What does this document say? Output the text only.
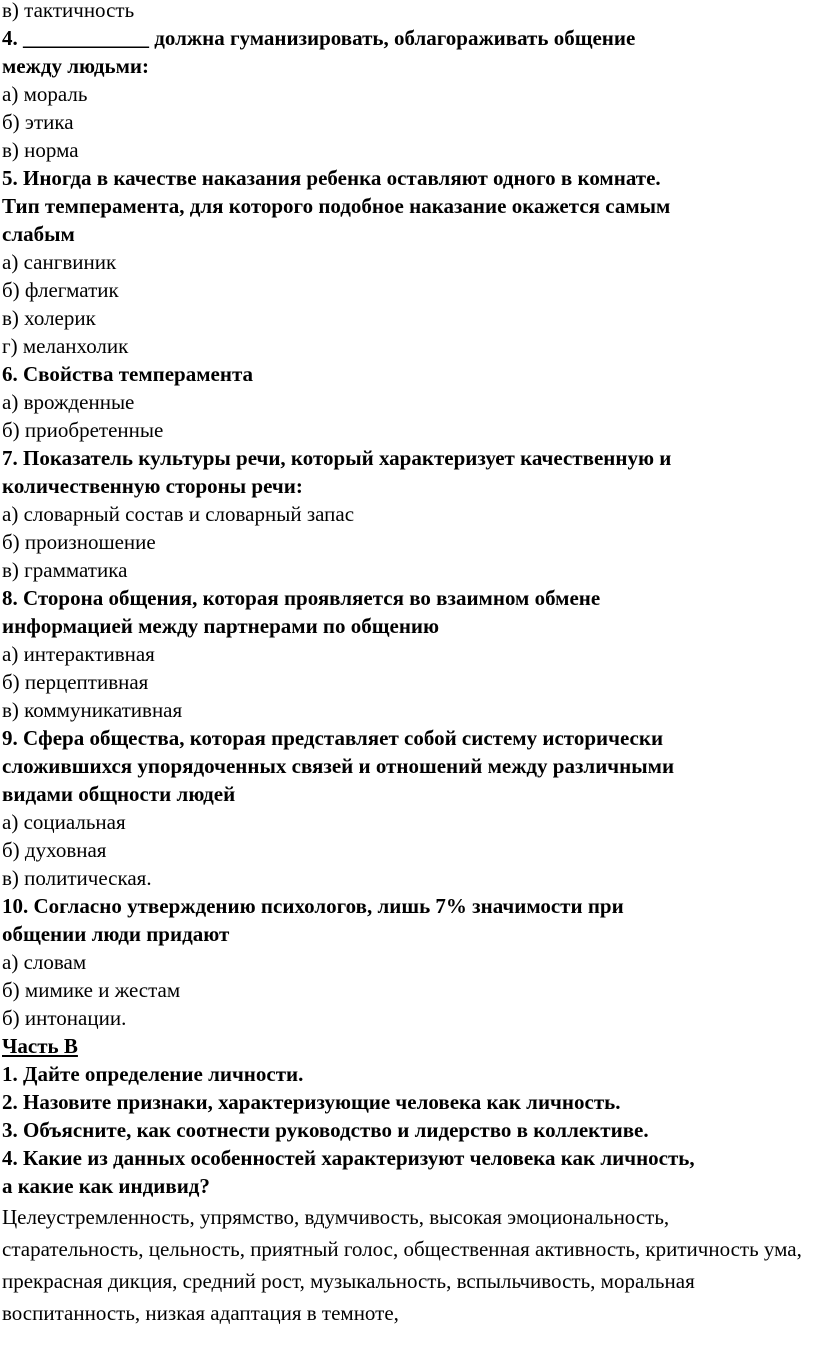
в) тактичность
4. ____________ должна гуманизировать, облагораживать общение
между людьми:
а) мораль
б) этика
в) норма
5. Иногда в качестве наказания ребенка оставляют одного в комнате.
Тип темперамента, для которого подобное наказание окажется самым
слабым
а) сангвиник
б) флегматик
в) холерик
г) меланхолик
6. Свойства темперамента
а) врожденные
б) приобретенные
7. Показатель культуры речи, который характеризует качественную и
количественную стороны речи:
а) словарный состав и словарный запас
б) произношение
в) грамматика
8. Сторона общения, которая проявляется во взаимном обмене
информацией между партнерами по общению
а) интерактивная
б) перцептивная
в) коммуникативная
9. Сфера общества, которая представляет собой систему исторически
сложившихся упорядоченных связей и отношений между различными
видами общности людей
а) социальная
б) духовная
в) политическая.
10. Согласно утверждению психологов, лишь 7% значимости при
общении люди придают
а) словам
б) мимике и жестам
б) интонации.
Часть В
1. Дайте определение личности.
2. Назовите признаки, характеризующие человека как личность.
3. Объясните, как соотнести руководство и лидерство в коллективе.
4. Какие из данных особенностей характеризуют человека как личность,
а какие как индивид?

Целеустремленность, упрямство, вдумчивость, высокая эмоциональность, старательность, цельность, приятный голос, общественная активность, критичность ума, прекрасная дикция, средний рост, музыкальность, вспыльчивость, моральная воспитанность, низкая адаптация в темноте,
